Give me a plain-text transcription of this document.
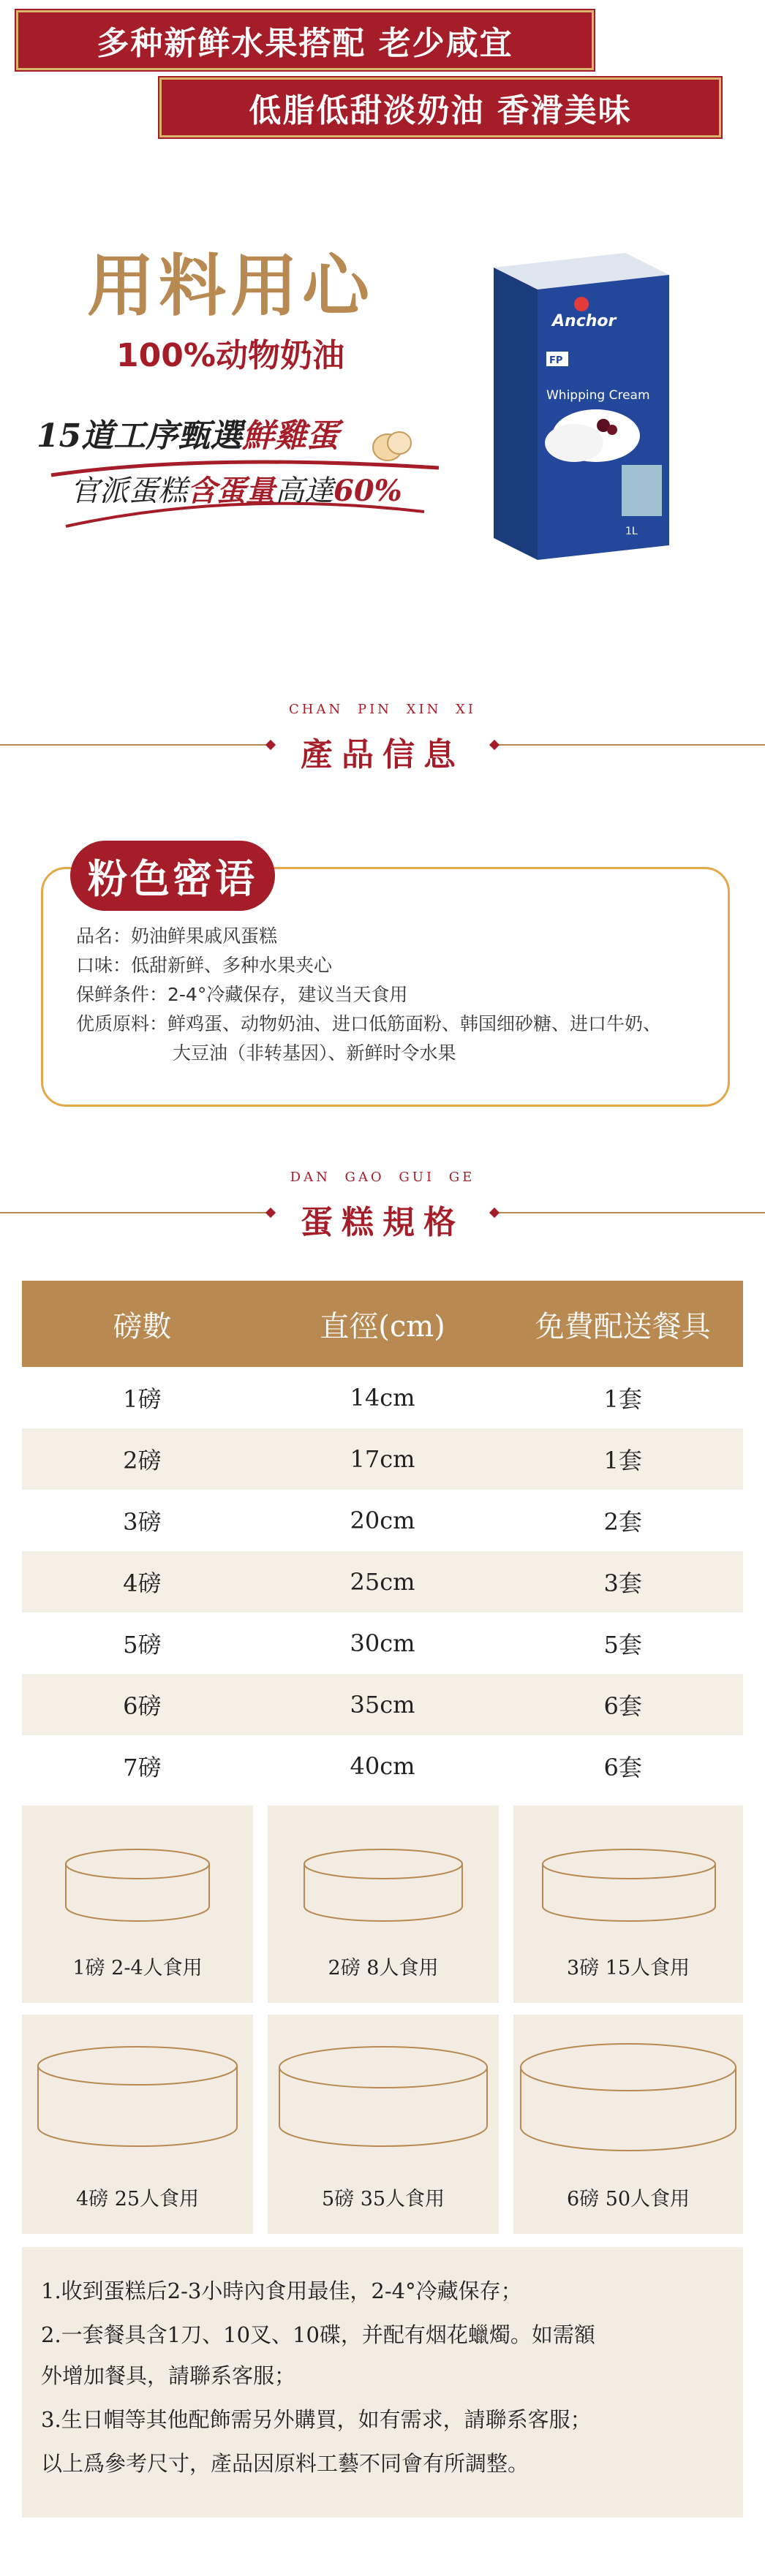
多种新鲜水果搭配 老少咸宜
低脂低甜淡奶油 香滑美味
用料用心
100%动物奶油
15道工序甄選鮮雞蛋
官派蛋糕含蛋量高達60%
Anchor
FP
Whipping Cream
1L
CHAN PIN XIN XI
產品信息
粉色密语
品名：奶油鲜果戚风蛋糕
口味：低甜新鲜、多种水果夹心
保鲜条件：2-4°冷藏保存，建议当天食用
优质原料：鲜鸡蛋、动物奶油、进口低筋面粉、韩国细砂糖、进口牛奶、
大豆油（非转基因）、新鲜时令水果
DAN GAO GUI GE
蛋糕規格
磅數	直徑(cm)	免費配送餐具
1磅	14cm	1套
2磅	17cm	1套
3磅	20cm	2套
4磅	25cm	3套
5磅	30cm	5套
6磅	35cm	6套
7磅	40cm	6套
1磅 2-4人食用	2磅 8人食用	3磅 15人食用
4磅 25人食用	5磅 35人食用	6磅 50人食用
1.收到蛋糕后2-3小時內食用最佳，2-4°冷藏保存；
2.一套餐具含1刀、10叉、10碟，并配有烟花蠟燭。如需額
外增加餐具，請聯系客服；
3.生日帽等其他配飾需另外購買，如有需求，請聯系客服；
以上爲參考尺寸，產品因原料工藝不同會有所調整。
